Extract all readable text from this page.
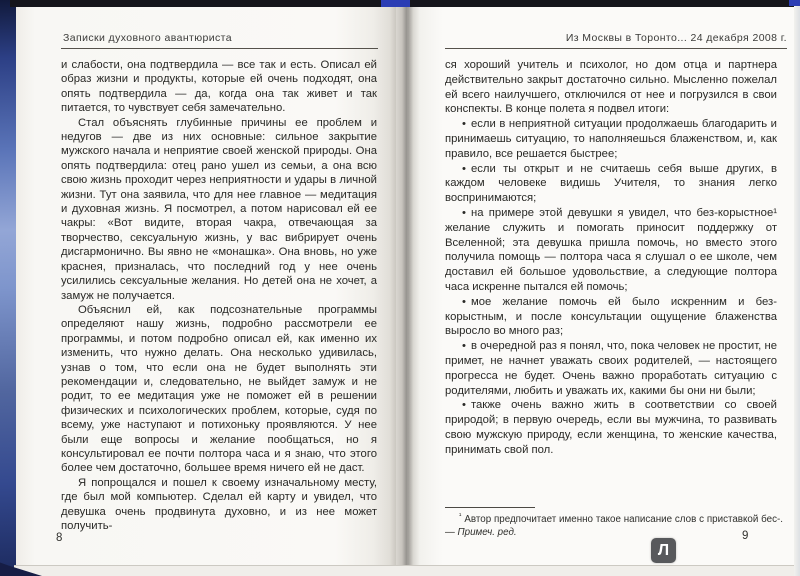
Записки духовного авантюриста

и слабости, она подтвердила — все так и есть. Описал ей образ жизни и продукты, которые ей очень подходят, она опять подтвердила — да, когда она так живет и так питается, то чувствует себя замечательно.

Стал объяснять глубинные причины ее проблем и недугов — две из них основные: сильное закрытие мужского начала и неприятие своей женской природы. Она опять подтвердила: отец рано ушел из семьи, а она всю свою жизнь проходит через неприятности и удары в личной жизни. Тут она заявила, что для нее главное — медитация и духовная жизнь. Я посмотрел, а потом нарисовал ей ее чакры: «Вот видите, вторая чакра, отвечающая за творчество, сексуальную жизнь, у вас вибрирует очень дисгармонично. Вы явно не «монашка». Она вновь, но уже краснея, призналась, что последний год у нее очень усилились сексуальные желания. Но детей она не хочет, а замуж не получается.

Объяснил ей, как подсознательные программы определяют нашу жизнь, подробно рассмотрели ее программы, и потом подробно описал ей, как именно их изменить, что нужно делать. Она несколько удивилась, узнав о том, что если она не будет выполнять эти рекомендации и, следовательно, не выйдет замуж и не родит, то ее медитация уже не поможет ей в решении физических и психологических проблем, которые, судя по всему, уже наступают и потихоньку проявляются. У нее были еще вопросы и желание пообщаться, но я консультировал ее почти полтора часа и я знаю, что этого более чем достаточно, большее время ничего ей не даст.

Я попрощался и пошел к своему изначальному месту, где был мой компьютер. Сделал ей карту и увидел, что девушка очень продвинута духовно, и из нее может получить-

8
Из Москвы в Торонто... 24 декабря 2008 г.

ся хороший учитель и психолог, но дом отца и партнера действительно закрыт достаточно сильно. Мысленно пожелал ей всего наилучшего, отключился от нее и погрузился в свои конспекты. В конце полета я подвел итоги:

• если в неприятной ситуации продолжаешь благодарить и принимаешь ситуацию, то наполняешься блаженством, и, как правило, все решается быстрее;

• если ты открыт и не считаешь себя выше других, в каждом человеке видишь Учителя, то знания легко воспринимаются;

• на примере этой девушки я увидел, что без-корыстное¹ желание служить и помогать приносит поддержку от Вселенной; эта девушка пришла помочь, но вместо этого получила помощь — полтора часа я слушал о ее школе, чем доставил ей большое удовольствие, а следующие полтора часа искренне пытался ей помочь;

• мое желание помочь ей было искренним и без-корыстным, и после консультации ощущение блаженства выросло во много раз;

• в очередной раз я понял, что, пока человек не простит, не примет, не начнет уважать своих родителей, — настоящего прогресса не будет. Очень важно проработать ситуацию с родителями, любить и уважать их, какими бы они ни были;

• также очень важно жить в соответствии со своей природой; в первую очередь, если вы мужчина, то развивать свою мужскую природу, если женщина, то женские качества, принимать свой пол.

$^{^1}$ Автор предпочитает именно такое написание слов с приставкой бес-. — Примеч. ред.	9
Л
